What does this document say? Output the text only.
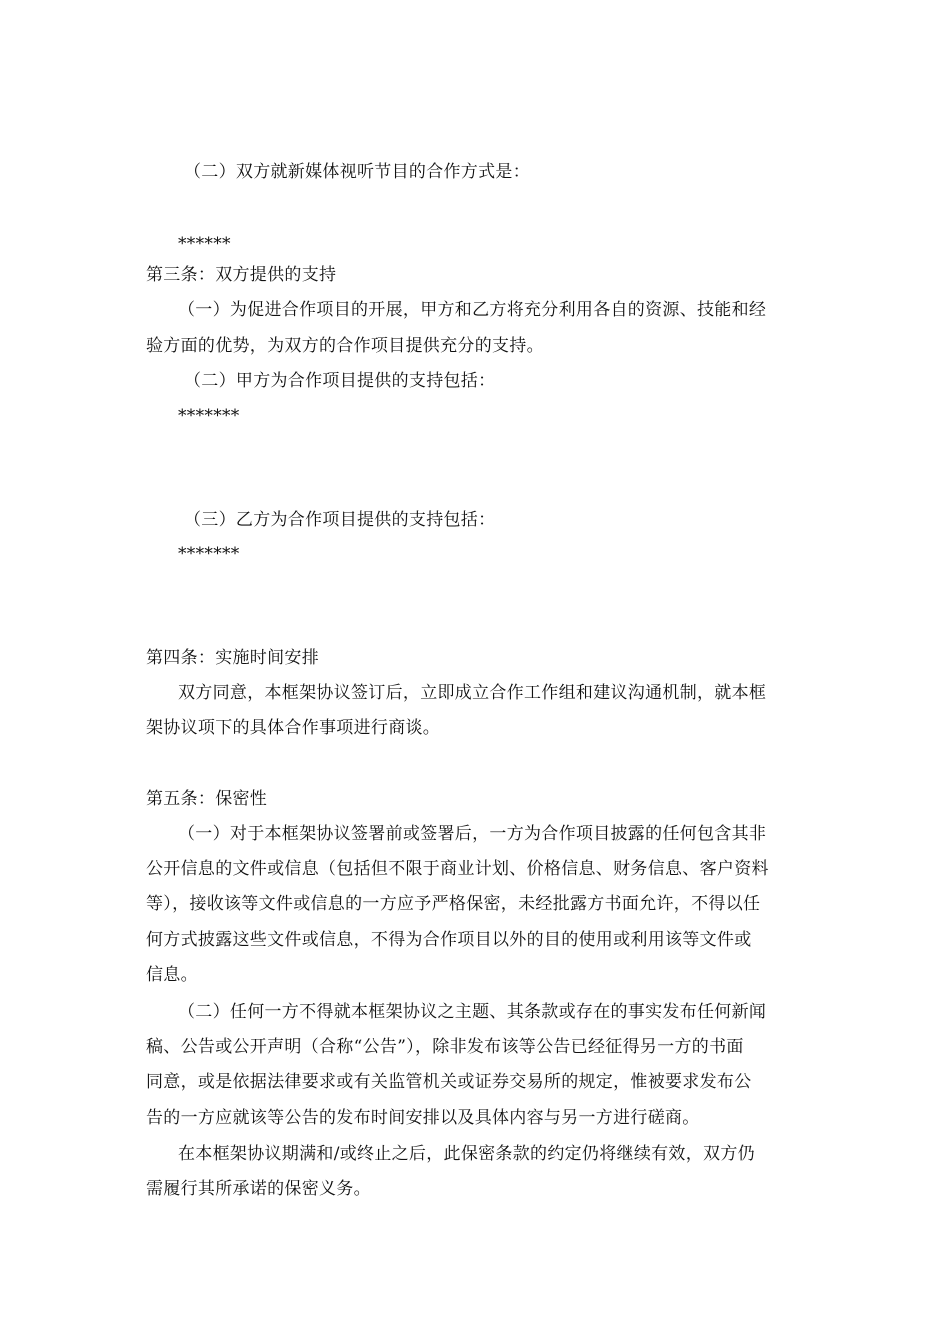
（二）双方就新媒体视听节目的合作方式是：
******
第三条：双方提供的支持
（一）为促进合作项目的开展，甲方和乙方将充分利用各自的资源、技能和经
验方面的优势，为双方的合作项目提供充分的支持。
（二）甲方为合作项目提供的支持包括：
*******
（三）乙方为合作项目提供的支持包括：
*******
第四条：实施时间安排
双方同意，本框架协议签订后，立即成立合作工作组和建议沟通机制，就本框
架协议项下的具体合作事项进行商谈。
第五条：保密性
（一）对于本框架协议签署前或签署后，一方为合作项目披露的任何包含其非
公开信息的文件或信息（包括但不限于商业计划、价格信息、财务信息、客户资料
等），接收该等文件或信息的一方应予严格保密，未经批露方书面允许，不得以任
何方式披露这些文件或信息，不得为合作项目以外的目的使用或利用该等文件或
信息。
（二）任何一方不得就本框架协议之主题、其条款或存在的事实发布任何新闻
稿、公告或公开声明（合称“公告”），除非发布该等公告已经征得另一方的书面
同意，或是依据法律要求或有关监管机关或证券交易所的规定，惟被要求发布公
告的一方应就该等公告的发布时间安排以及具体内容与另一方进行磋商。
在本框架协议期满和/或终止之后，此保密条款的约定仍将继续有效，双方仍
需履行其所承诺的保密义务。
